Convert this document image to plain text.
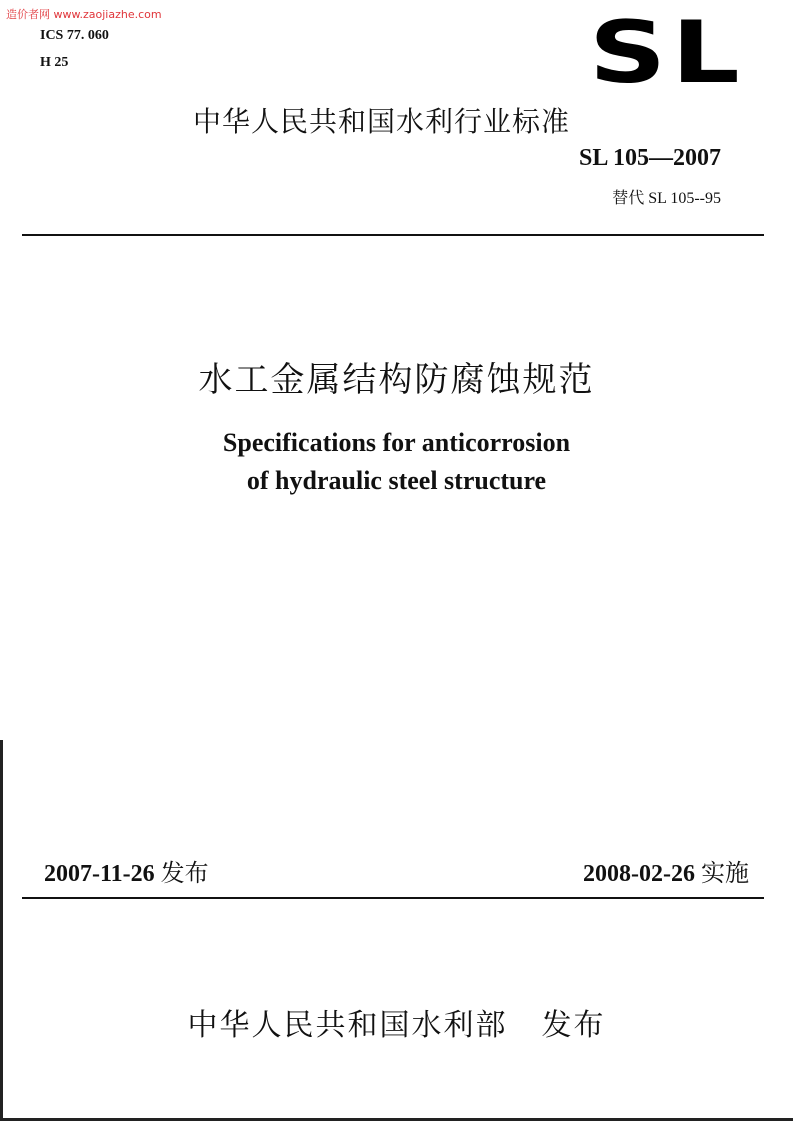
造价者网 www.zaojiazhe.com
ICS 77. 060
H 25	SL
中华人民共和国水利行业标准
SL 105—2007
替代 SL 105--95
水工金属结构防腐蚀规范
Specifications for anticorrosion
of hydraulic steel structure
2007-11-26 发布	2008-02-26 实施
中华人民共和国水利部 发布
